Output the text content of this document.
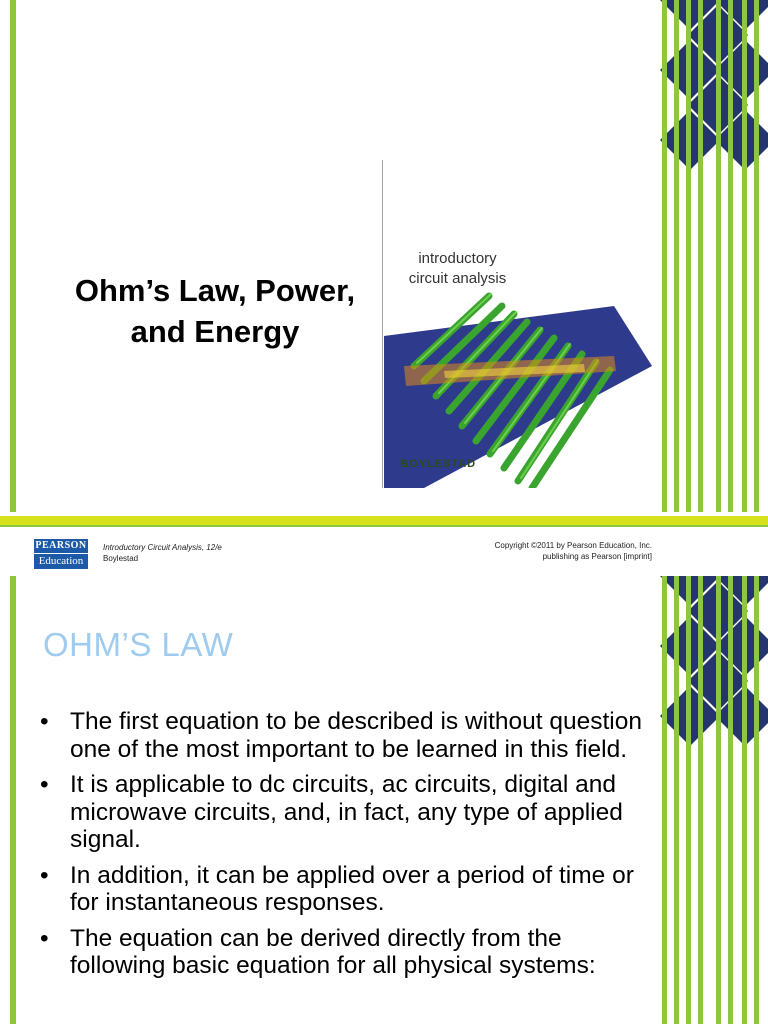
Ohm’s Law, Power,
and Energy
introductory
circuit analysis
BOYLESTAD
PEARSON
Education
Introductory Circuit Analysis, 12/e
Boylestad
Copyright ©2011 by Pearson Education, Inc.
publishing as Pearson [imprint]
OHM’S LAW
• The first equation to be described is without question one of the most important to be learned in this field.
• It is applicable to dc circuits, ac circuits, digital and microwave circuits, and, in fact, any type of applied signal.
• In addition, it can be applied over a period of time or for instantaneous responses.
• The equation can be derived directly from the following basic equation for all physical systems:
